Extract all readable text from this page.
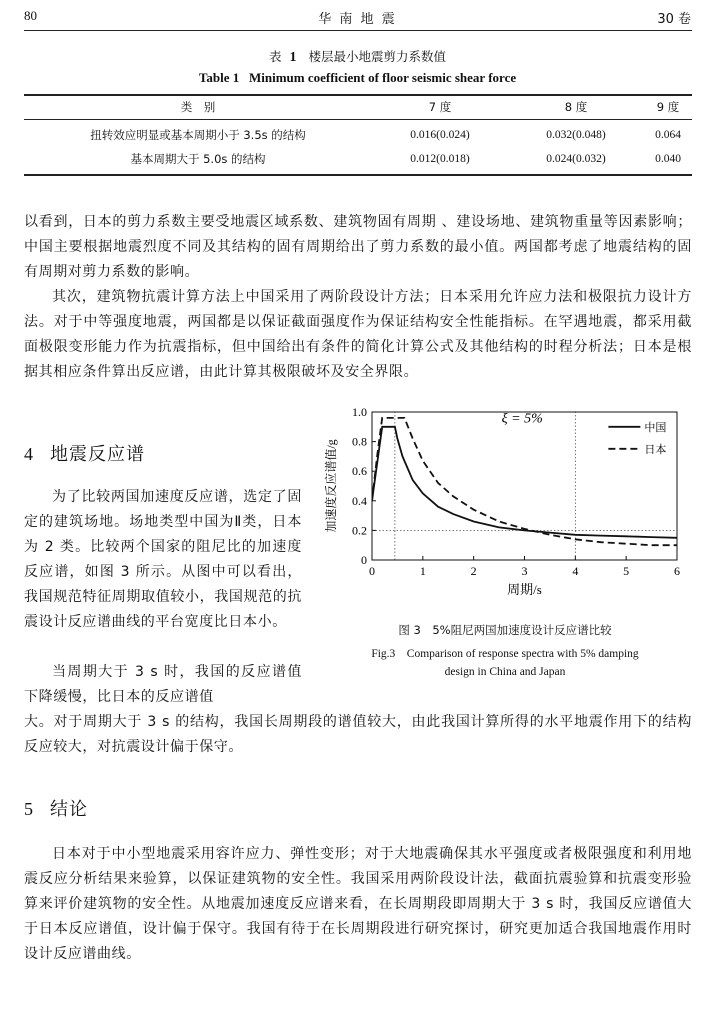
80	华 南 地 震	30 卷
表 1 楼层最小地震剪力系数值
Table 1   Minimum coefficient of floor seismic shear force
类　别	7 度	8 度	9 度
扭转效应明显或基本周期小于 3.5s 的结构	0.016(0.024)	0.032(0.048)	0.064
基本周期大于 5.0s 的结构	0.012(0.018)	0.024(0.032)	0.040

以看到，日本的剪力系数主要受地震区域系数、建筑物固有周期 、建设场地、建筑物重量等因素影响；中国主要根据地震烈度不同及其结构的固有周期给出了剪力系数的最小值。两国都考虑了地震结构的固有周期对剪力系数的影响。

其次，建筑物抗震计算方法上中国采用了两阶段设计方法；日本采用允许应力法和极限抗力设计方法。对于中等强度地震，两国都是以保证截面强度作为保证结构安全性能指标。在罕遇地震，都采用截面极限变形能力作为抗震指标，但中国给出有条件的简化计算公式及其他结构的时程分析法；日本是根据其相应条件算出反应谱，由此计算其极限破坏及安全界限。

4 地震反应谱

为了比较两国加速度反应谱，选定了固定的建筑场地。场地类型中国为Ⅱ类，日本为 2 类。比较两个国家的阻尼比的加速度反应谱，如图 3 所示。从图中可以看出，我国规范特征周期取值较小，我国规范的抗震设计反应谱曲线的平台宽度比日本小。

当周期大于 3 s 时，我国的反应谱值下降缓慢，比日本的反应谱值

大。对于周期大于 3 s 的结构，我国长周期段的谱值较大，由此我国计算所得的水平地震作用下的结构反应较大，对抗震设计偏于保守。

0	1	2	3	4	5	6
0
0.2
0.4
0.6
0.8
1.0
周期/s
加速度反应谱值/g
ξ = 5%
中国
日本
图 3　5%阻尼两国加速度设计反应谱比较
Fig.3　Comparison of response spectra with 5% damping
design in China and Japan
5 结论

日本对于中小型地震采用容许应力、弹性变形；对于大地震确保其水平强度或者极限强度和利用地震反应分析结果来验算，以保证建筑物的安全性。我国采用两阶段设计法，截面抗震验算和抗震变形验算来评价建筑物的安全性。从地震加速度反应谱来看，在长周期段即周期大于 3 s 时，我国反应谱值大于日本反应谱值，设计偏于保守。我国有待于在长周期段进行研究探讨，研究更加适合我国地震作用时设计反应谱曲线。
